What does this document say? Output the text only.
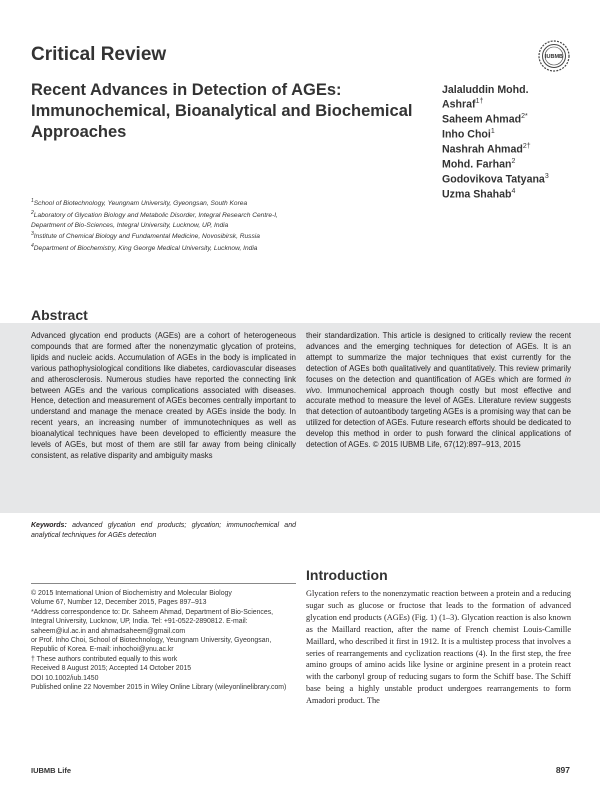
Critical Review	IUBMB
Recent Advances in Detection of AGEs: Immunochemical, Bioanalytical and Biochemical Approaches
Jalaluddin Mohd.
Ashraf$^{1\dagger}$
Saheem Ahmad$^{2*}$
Inho Choi$^1$
Nashrah Ahmad$^{2\dagger}$
Mohd. Farhan$^2$
Godovikova Tatyana$^3$
Uzma Shahab$^4$
$^1$School of Biotechnology, Yeungnam University, Gyeongsan, South Korea
$^2$Laboratory of Glycation Biology and Metabolic Disorder, Integral Research Centre-I, Department of Bio-Sciences, Integral University, Lucknow, UP, India
$^3$Institute of Chemical Biology and Fundamental Medicine, Novosibirsk, Russia
$^4$Department of Biochemistry, King George Medical University, Lucknow, India
Abstract

Advanced glycation end products (AGEs) are a cohort of heterogeneous compounds that are formed after the nonenzymatic glycation of proteins, lipids and nucleic acids. Accumulation of AGEs in the body is implicated in various pathophysiological conditions like diabetes, cardiovascular diseases and atherosclerosis. Numerous studies have reported the connecting link between AGEs and the various complications associated with diseases. Hence, detection and measurement of AGEs becomes centrally important to understand and manage the menace created by AGEs inside the body. In recent years, an increasing number of immunotechniques as well as bioanalytical techniques have been developed to efficiently measure the levels of AGEs, but most of them are still far away from being clinically consistent, as relative disparity and ambiguity masks

their standardization. This article is designed to critically review the recent advances and the emerging techniques for detection of AGEs. It is an attempt to summarize the major techniques that exist currently for the detection of AGEs both qualitatively and quantitatively. This review primarily focuses on the detection and quantification of AGEs which are formed in vivo. Immunochemical approach though costly but most effective and accurate method to measure the level of AGEs. Literature review suggests that detection of autoantibody targeting AGEs is a promising way that can be utilized for detection of AGEs. Future research efforts should be dedicated to develop this method in order to push forward the clinical applications of detection of AGEs. © 2015 IUBMB Life, 67(12):897–913, 2015

Keywords: advanced glycation end products; glycation; immunochemical and analytical techniques for AGEs detection

© 2015 International Union of Biochemistry and Molecular Biology
Volume 67, Number 12, December 2015, Pages 897–913
*Address correspondence to: Dr. Saheem Ahmad, Department of Bio-Sciences, Integral University, Lucknow, UP, India. Tel: +91-0522-2890812. E-mail: saheem@iul.ac.in and ahmadsaheem@gmail.com
or Prof. Inho Choi, School of Biotechnology, Yeungnam University, Gyeongsan, Republic of Korea. E-mail: inhochoi@ynu.ac.kr
† These authors contributed equally to this work
Received 8 August 2015; Accepted 14 October 2015
DOI 10.1002/iub.1450
Published online 22 November 2015 in Wiley Online Library (wileyonlinelibrary.com)
Introduction

Glycation refers to the nonenzymatic reaction between a protein and a reducing sugar such as glucose or fructose that leads to the formation of advanced glycation end products (AGEs) (Fig. 1) (1–3). Glycation reaction is also known as the Maillard reaction, after the name of French chemist Louis-Camille Maillard, who described it first in 1912. It is a multistep process that involves a series of rearrangements and cyclization reactions (4). In the first step, the free amino groups of amino acids like lysine or arginine present in a protein react with the carbonyl group of reducing sugars to form the Schiff base. The Schiff base being a highly unstable product undergoes rearrangements to form Amadori product. The

IUBMB Life	897
